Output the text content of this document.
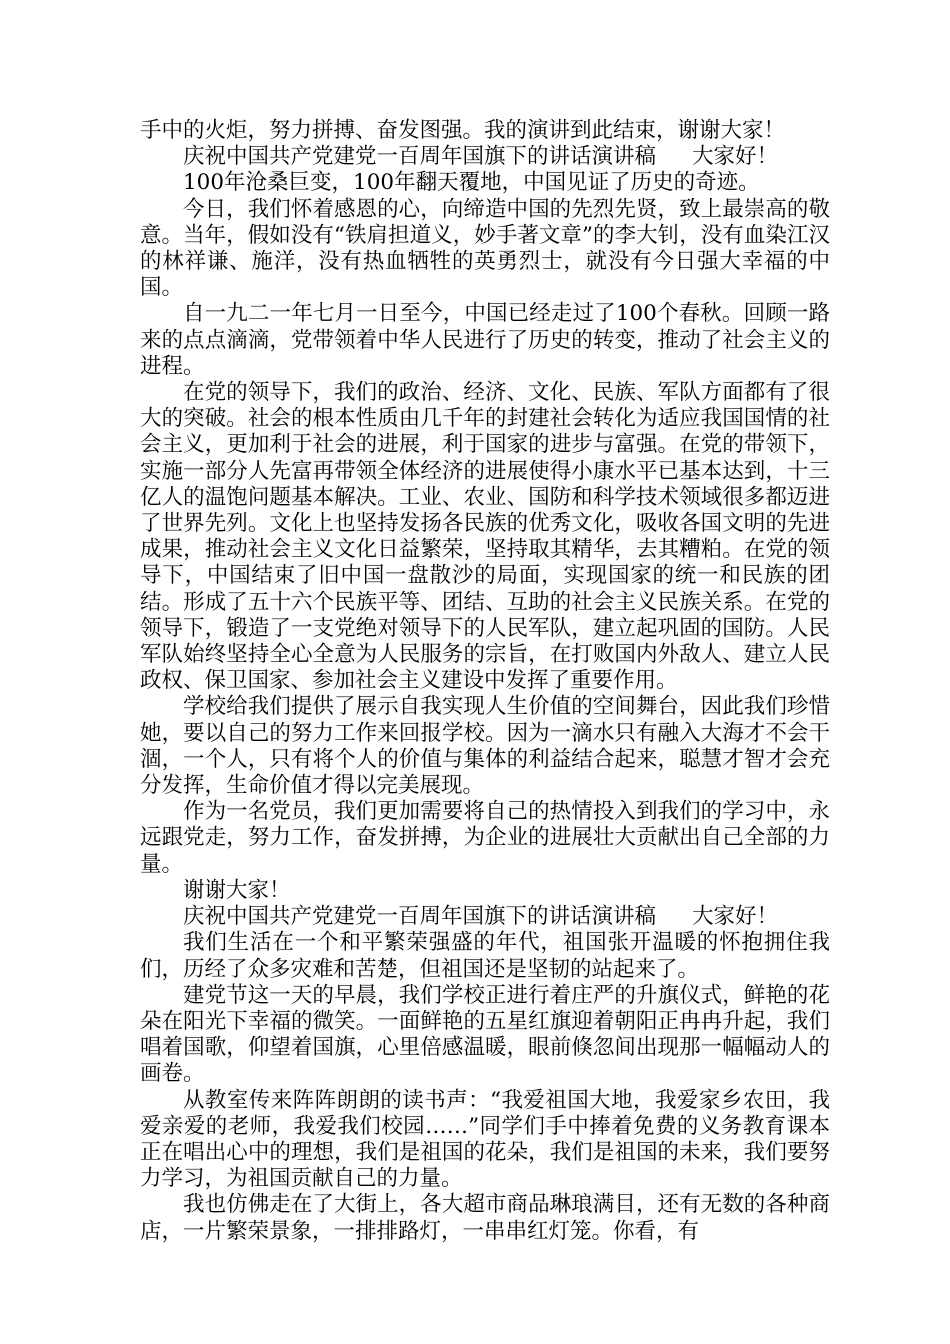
手中的火炬，努力拼搏、奋发图强。我的演讲到此结束，谢谢大家！

庆祝中国共产党建党一百周年国旗下的讲话演讲稿 大家好！

100年沧桑巨变，100年翻天覆地，中国见证了历史的奇迹。

今日，我们怀着感恩的心，向缔造中国的先烈先贤，致上最崇高的敬意。当年，假如没有“铁肩担道义，妙手著文章”的李大钊，没有血染江汉的林祥谦、施洋，没有热血牺牲的英勇烈士，就没有今日强大幸福的中国。

自一九二一年七月一日至今，中国已经走过了100个春秋。回顾一路来的点点滴滴，党带领着中华人民进行了历史的转变，推动了社会主义的进程。

在党的领导下，我们的政治、经济、文化、民族、军队方面都有了很大的突破。社会的根本性质由几千年的封建社会转化为适应我国国情的社会主义，更加利于社会的进展，利于国家的进步与富强。在党的带领下，实施一部分人先富再带领全体经济的进展使得小康水平已基本达到，十三亿人的温饱问题基本解决。工业、农业、国防和科学技术领域很多都迈进了世界先列。文化上也坚持发扬各民族的优秀文化，吸收各国文明的先进成果，推动社会主义文化日益繁荣，坚持取其精华，去其糟粕。在党的领导下，中国结束了旧中国一盘散沙的局面，实现国家的统一和民族的团结。形成了五十六个民族平等、团结、互助的社会主义民族关系。在党的领导下，锻造了一支党绝对领导下的人民军队，建立起巩固的国防。人民军队始终坚持全心全意为人民服务的宗旨，在打败国内外敌人、建立人民政权、保卫国家、参加社会主义建设中发挥了重要作用。

学校给我们提供了展示自我实现人生价值的空间舞台，因此我们珍惜她，要以自己的努力工作来回报学校。因为一滴水只有融入大海才不会干涸，一个人，只有将个人的价值与集体的利益结合起来，聪慧才智才会充分发挥，生命价值才得以完美展现。

作为一名党员，我们更加需要将自己的热情投入到我们的学习中，永远跟党走，努力工作，奋发拼搏，为企业的进展壮大贡献出自己全部的力量。

谢谢大家！

庆祝中国共产党建党一百周年国旗下的讲话演讲稿 大家好！

我们生活在一个和平繁荣强盛的年代，祖国张开温暖的怀抱拥住我们，历经了众多灾难和苦楚，但祖国还是坚韧的站起来了。

建党节这一天的早晨，我们学校正进行着庄严的升旗仪式，鲜艳的花朵在阳光下幸福的微笑。一面鲜艳的五星红旗迎着朝阳正冉冉升起，我们唱着国歌，仰望着国旗，心里倍感温暖，眼前倏忽间出现那一幅幅动人的画卷。

从教室传来阵阵朗朗的读书声：“我爱祖国大地，我爱家乡农田，我爱亲爱的老师，我爱我们校园……”同学们手中捧着免费的义务教育课本正在唱出心中的理想，我们是祖国的花朵，我们是祖国的未来，我们要努力学习，为祖国贡献自己的力量。

我也仿佛走在了大街上，各大超市商品琳琅满目，还有无数的各种商店，一片繁荣景象，一排排路灯，一串串红灯笼。你看，有
